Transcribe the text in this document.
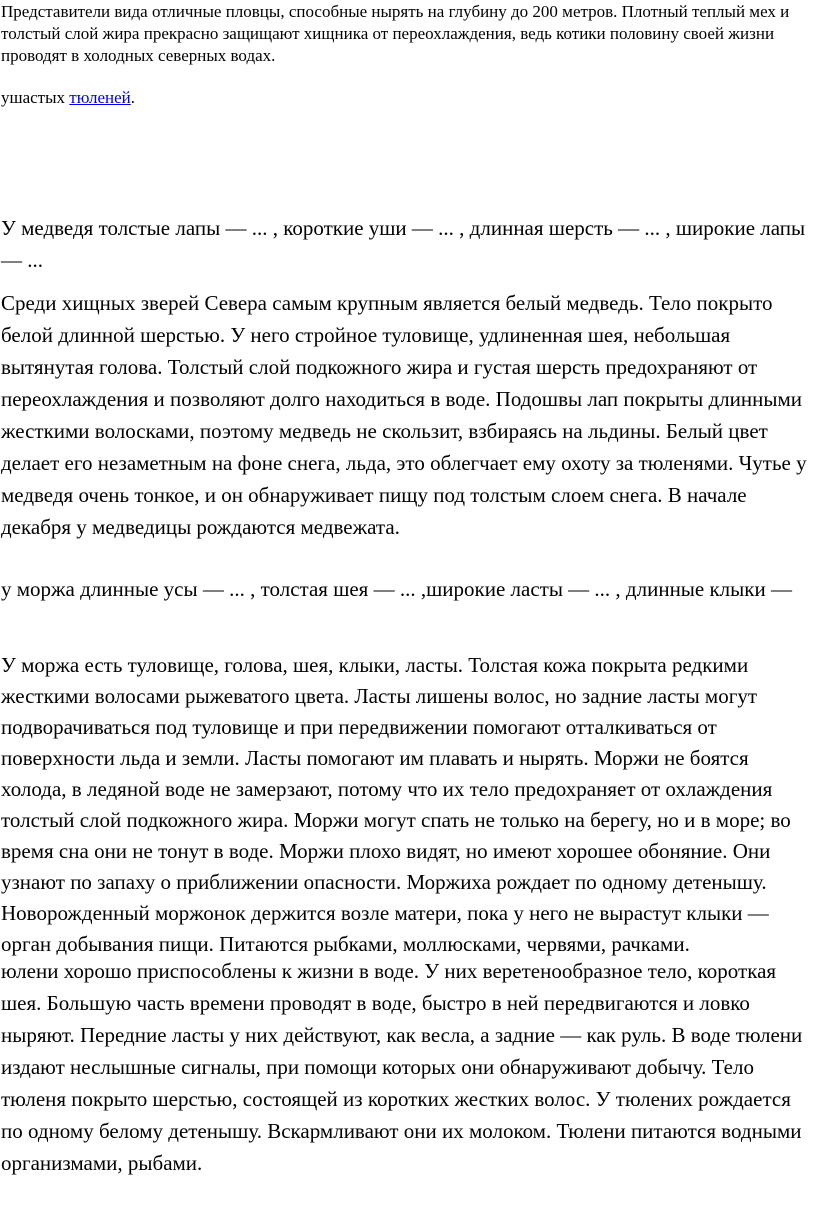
Представители вида отличные пловцы, способные нырять на глубину до 200 метров. Плотный теплый мех и толстый слой жира прекрасно защищают хищника от переохлаждения, ведь котики половину своей жизни проводят в холодных северных водах.

ушастых тюленей.

У медведя толстые лапы — ... , короткие уши — ... , длинная шерсть — ... , широкие лапы — ...

Среди хищных зверей Севера самым крупным является белый медведь. Тело покрыто белой длинной шерстью. У него стройное туловище, удлиненная шея, небольшая вытянутая голова. Толстый слой подкожного жира и густая шерсть предохраняют от переохлаждения и позволяют долго находиться в воде. Подошвы лап покрыты длинными жесткими волосками, поэтому медведь не скользит, взбираясь на льдины. Белый цвет делает его незаметным на фоне снега, льда, это облегчает ему охоту за тюленями. Чутье у медведя очень тонкое, и он обнаруживает пищу под толстым слоем снега. В начале декабря у медведицы рождаются медвежата.

у моржа длинные усы — ... , толстая шея — ... ,широкие ласты — ... , длинные клыки —

У моржа есть туловище, голова, шея, клыки, ласты. Толстая кожа покрыта редкими жесткими волосами рыжеватого цвета. Ласты лишены волос, но задние ласты могут подворачиваться под туловище и при передвижении помогают отталкиваться от поверхности льда и земли. Ласты помогают им плавать и нырять. Моржи не боятся холода, в ледяной воде не замерзают, потому что их тело предохраняет от охлаждения толстый слой подкожного жира. Моржи могут спать не только на берегу, но и в море; во время сна они не тонут в воде. Моржи плохо видят, но имеют хорошее обоняние. Они узнают по запаху о приближении опасности. Моржиха рождает по одному детенышу. Новорожденный моржонок держится возле матери, пока у него не вырастут клыки — орган добывания пищи. Питаются рыбками, моллюсками, червями, рачками.

юлени хорошо приспособлены к жизни в воде. У них веретенообразное тело, короткая шея. Большую часть времени проводят в воде, быстро в ней передвигаются и ловко ныряют. Передние ласты у них действуют, как весла, а задние — как руль. В воде тюлени издают неслышные сигналы, при помощи которых они обнаруживают добычу. Тело тюленя покрыто шерстью, состоящей из коротких жестких волос. У тюлених рождается по одному белому детенышу. Вскармливают они их молоком. Тюлени питаются водными организмами, рыбами.
